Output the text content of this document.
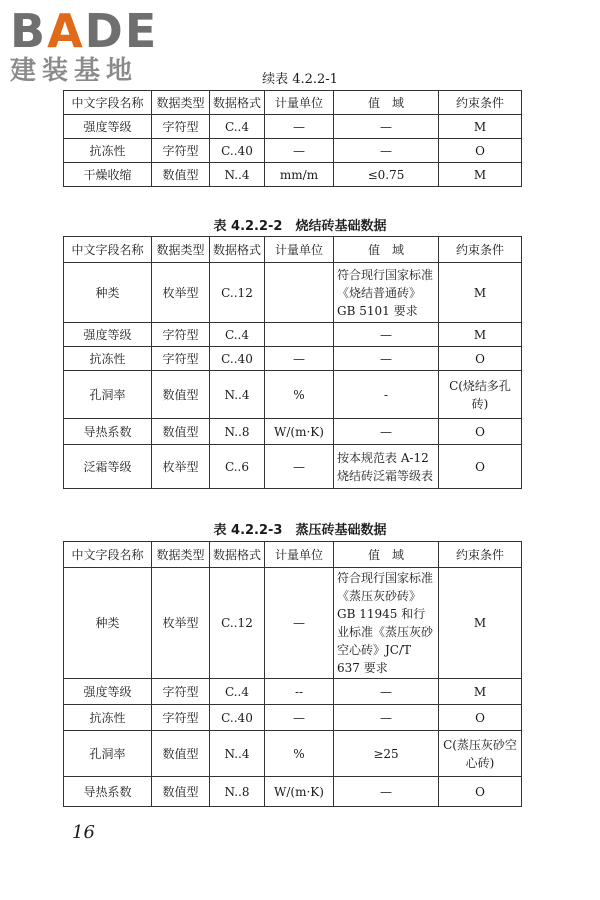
BADE
建装基地	续表 4.2.2-1
中文字段名称	数据类型	数据格式	计量单位	值　域	约束条件
强度等级	字符型	C..4	—	—	M
抗冻性	字符型	C..40	—	—	O
干燥收缩	数值型	N..4	mm/m	≤0.75	M
表 4.2.2-2　烧结砖基础数据
中文字段名称	数据类型	数据格式	计量单位	值　域	约束条件
种类	枚举型	C..12		符合现行国家标准《烧结普通砖》GB 5101 要求	M
强度等级	字符型	C..4		—	M
抗冻性	字符型	C..40	—	—	O
孔洞率	数值型	N..4	%	-	C(烧结多孔砖)
导热系数	数值型	N..8	W/(m·K)	—	O
泛霜等级	枚举型	C..6	—	按本规范表 A-12 烧结砖泛霜等级表	O
表 4.2.2-3　蒸压砖基础数据
中文字段名称	数据类型	数据格式	计量单位	值　域	约束条件
种类	枚举型	C..12	—	符合现行国家标准《蒸压灰砂砖》GB 11945 和行业标准《蒸压灰砂空心砖》JC/T 637 要求	M
强度等级	字符型	C..4	--	—	M
抗冻性	字符型	C..40	—	—	O
孔洞率	数值型	N..4	%	≥25	C(蒸压灰砂空心砖)
导热系数	数值型	N..8	W/(m·K)	—	O
16
